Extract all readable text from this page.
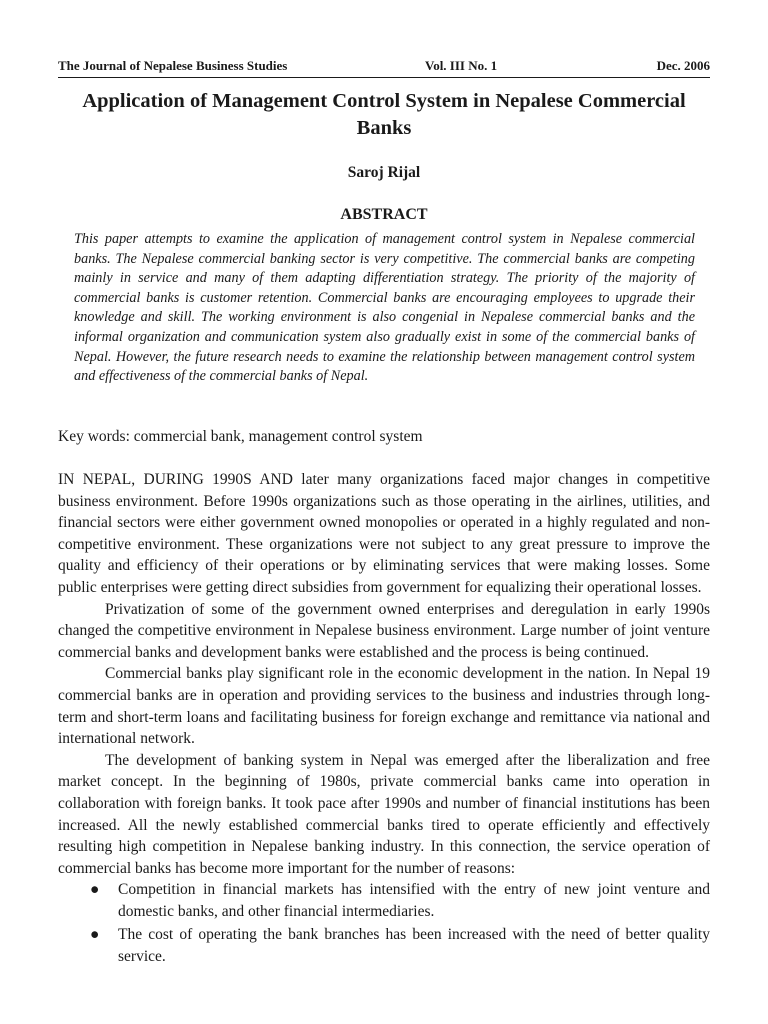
The Journal of Nepalese Business Studies	Vol. III No. 1	Dec. 2006
Application of Management Control System in Nepalese Commercial Banks
Saroj Rijal
ABSTRACT
This paper attempts to examine the application of management control system in Nepalese commercial banks. The Nepalese commercial banking sector is very competitive. The commercial banks are competing mainly in service and many of them adapting differentiation strategy. The priority of the majority of commercial banks is customer retention. Commercial banks are encouraging employees to upgrade their knowledge and skill. The working environment is also congenial in Nepalese commercial banks and the informal organization and communication system also gradually exist in some of the commercial banks of Nepal. However, the future research needs to examine the relationship between management control system and effectiveness of the commercial banks of Nepal.
Key words: commercial bank, management control system

IN NEPAL, DURING 1990S AND later many organizations faced major changes in competitive business environment. Before 1990s organizations such as those operating in the airlines, utilities, and financial sectors were either government owned monopolies or operated in a highly regulated and non-competitive environment. These organizations were not subject to any great pressure to improve the quality and efficiency of their operations or by eliminating services that were making losses. Some public enterprises were getting direct subsidies from government for equalizing their operational losses.

Privatization of some of the government owned enterprises and deregulation in early 1990s changed the competitive environment in Nepalese business environment. Large number of joint venture commercial banks and development banks were established and the process is being continued.

Commercial banks play significant role in the economic development in the nation. In Nepal 19 commercial banks are in operation and providing services to the business and industries through long-term and short-term loans and facilitating business for foreign exchange and remittance via national and international network.

The development of banking system in Nepal was emerged after the liberalization and free market concept. In the beginning of 1980s, private commercial banks came into operation in collaboration with foreign banks. It took pace after 1990s and number of financial institutions has been increased. All the newly established commercial banks tired to operate efficiently and effectively resulting high competition in Nepalese banking industry. In this connection, the service operation of commercial banks has become more important for the number of reasons:

● Competition in financial markets has intensified with the entry of new joint venture and domestic banks, and other financial intermediaries.
● The cost of operating the bank branches has been increased with the need of better quality service.
